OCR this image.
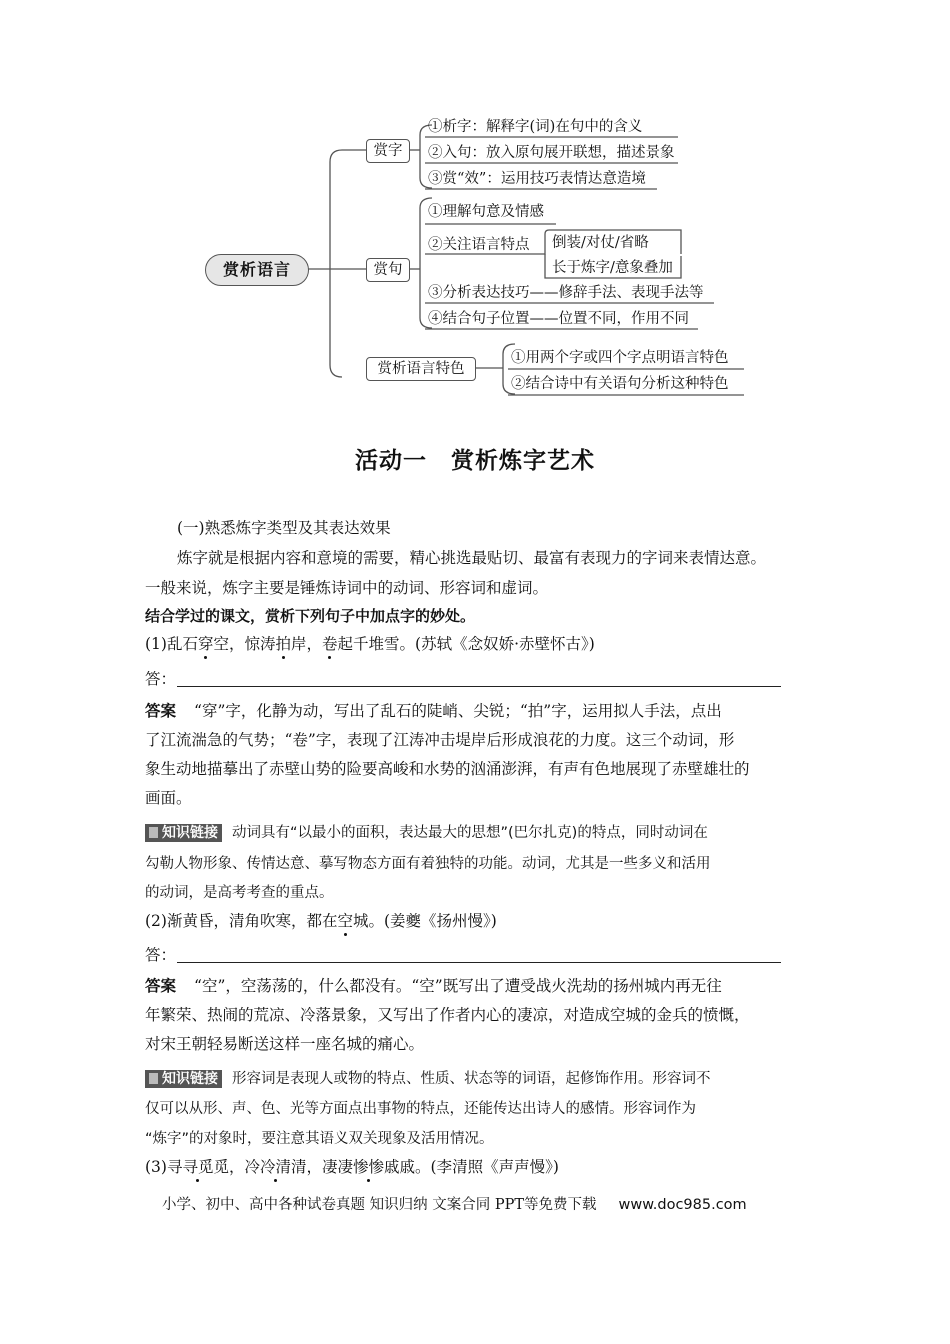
赏析语言
赏字
①析字：解释字(词)在句中的含义
②入句：放入原句展开联想，描述景象
③赏“效”：运用技巧表情达意造境
赏句
①理解句意及情感
②关注语言特点 倒装/对仗/省略
长于炼字/意象叠加
③分析表达技巧——修辞手法、表现手法等
④结合句子位置——位置不同，作用不同
赏析语言特色
①用两个字或四个字点明语言特色
②结合诗中有关语句分析这种特色
活动一　赏析炼字艺术
(一)熟悉炼字类型及其表达效果
炼字就是根据内容和意境的需要，精心挑选最贴切、最富有表现力的字词来表情达意。
一般来说，炼字主要是锤炼诗词中的动词、形容词和虚词。
结合学过的课文，赏析下列句子中加点字的妙处。
(1)乱石穿空，惊涛拍岸，卷起千堆雪。(苏轼《念奴娇·赤壁怀古》)
答：
答案 “穿”字，化静为动，写出了乱石的陡峭、尖锐；“拍”字，运用拟人手法，点出
了江流湍急的气势；“卷”字，表现了江涛冲击堤岸后形成浪花的力度。这三个动词，形
象生动地描摹出了赤壁山势的险要高峻和水势的汹涌澎湃，有声有色地展现了赤壁雄壮的
画面。
知识链接 动词具有“以最小的面积，表达最大的思想”(巴尔扎克)的特点，同时动词在
勾勒人物形象、传情达意、摹写物态方面有着独特的功能。动词，尤其是一些多义和活用
的动词，是高考考查的重点。
(2)渐黄昏，清角吹寒，都在空城。(姜夔《扬州慢》)
答：
答案 “空”，空荡荡的，什么都没有。“空”既写出了遭受战火洗劫的扬州城内再无往
年繁荣、热闹的荒凉、冷落景象，又写出了作者内心的凄凉，对造成空城的金兵的愤慨，
对宋王朝轻易断送这样一座名城的痛心。
知识链接 形容词是表现人或物的特点、性质、状态等的词语，起修饰作用。形容词不
仅可以从形、声、色、光等方面点出事物的特点，还能传达出诗人的感情。形容词作为
“炼字”的对象时，要注意其语义双关现象及活用情况。
(3)寻寻觅觅，冷冷清清，凄凄惨惨戚戚。(李清照《声声慢》)
小学、初中、高中各种试卷真题 知识归纳 文案合同 PPT等免费下载 www.doc985.com
